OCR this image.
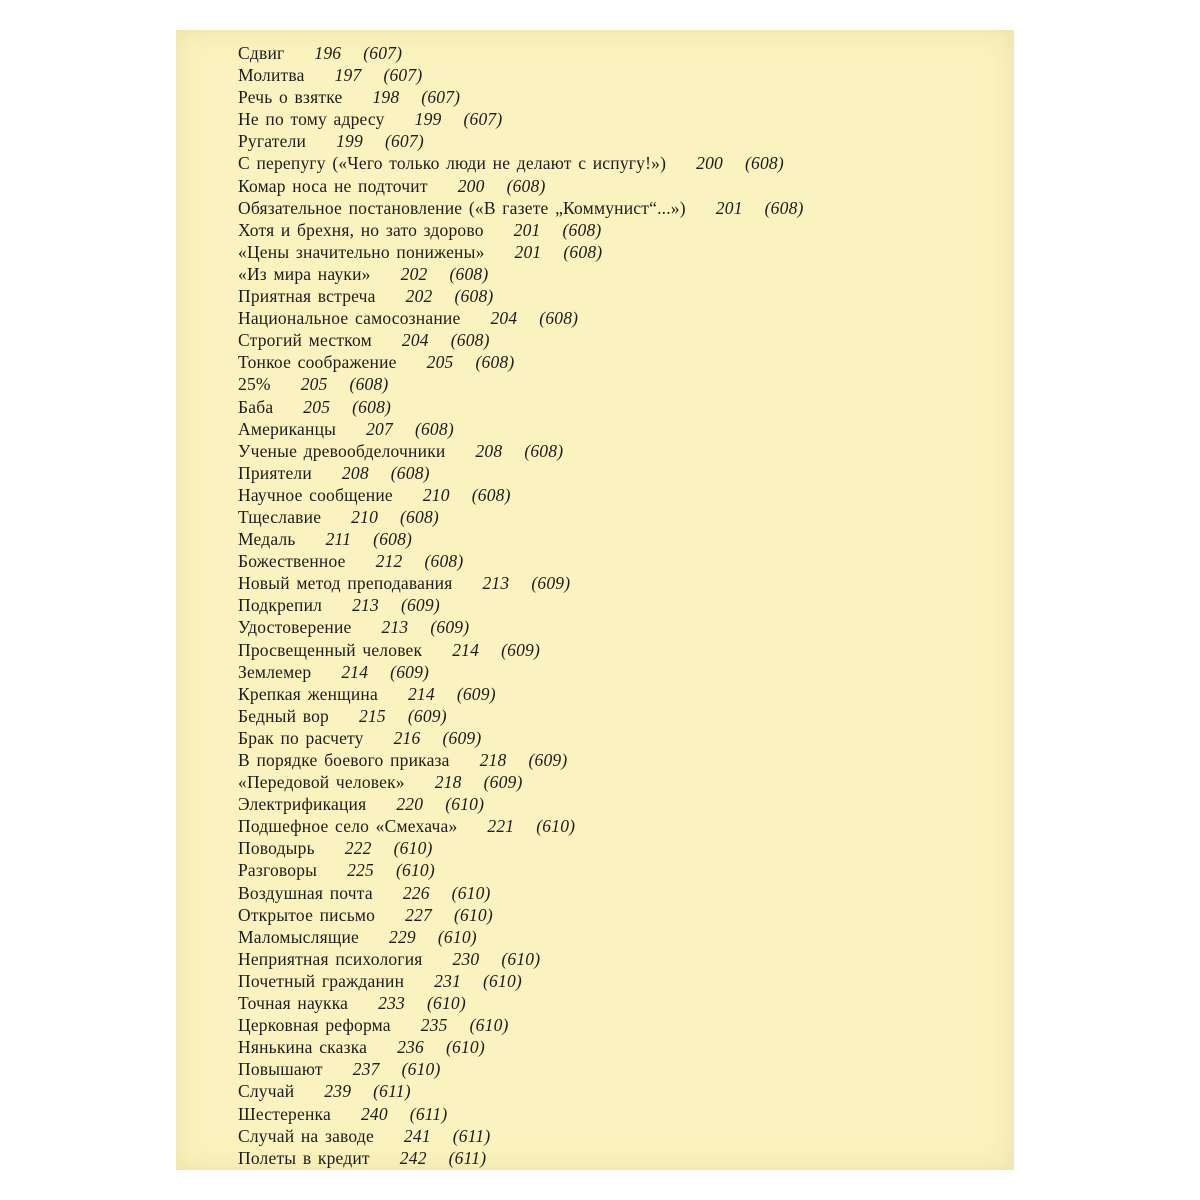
Сдвиг 196 (607)
Молитва 197 (607)
Речь о взятке 198 (607)
Не по тому адресу 199 (607)
Ругатели 199 (607)
С перепугу («Чего только люди не делают с испугу!») 200 (608)
Комар носа не подточит 200 (608)
Обязательное постановление («В газете „Коммунист“...») 201 (608)
Хотя и брехня, но зато здорово 201 (608)
«Цены значительно понижены» 201 (608)
«Из мира науки» 202 (608)
Приятная встреча 202 (608)
Национальное самосознание 204 (608)
Строгий местком 204 (608)
Тонкое соображение 205 (608)
25% 205 (608)
Баба 205 (608)
Американцы 207 (608)
Ученые древообделочники 208 (608)
Приятели 208 (608)
Научное сообщение 210 (608)
Тщеславие 210 (608)
Медаль 211 (608)
Божественное 212 (608)
Новый метод преподавания 213 (609)
Подкрепил 213 (609)
Удостоверение 213 (609)
Просвещенный человек 214 (609)
Землемер 214 (609)
Крепкая женщина 214 (609)
Бедный вор 215 (609)
Брак по расчету 216 (609)
В порядке боевого приказа 218 (609)
«Передовой человек» 218 (609)
Электрификация 220 (610)
Подшефное село «Смехача» 221 (610)
Поводырь 222 (610)
Разговоры 225 (610)
Воздушная почта 226 (610)
Открытое письмо 227 (610)
Маломыслящие 229 (610)
Неприятная психология 230 (610)
Почетный гражданин 231 (610)
Точная наукка 233 (610)
Церковная реформа 235 (610)
Нянькина сказка 236 (610)
Повышают 237 (610)
Случай 239 (611)
Шестеренка 240 (611)
Случай на заводе 241 (611)
Полеты в кредит 242 (611)
